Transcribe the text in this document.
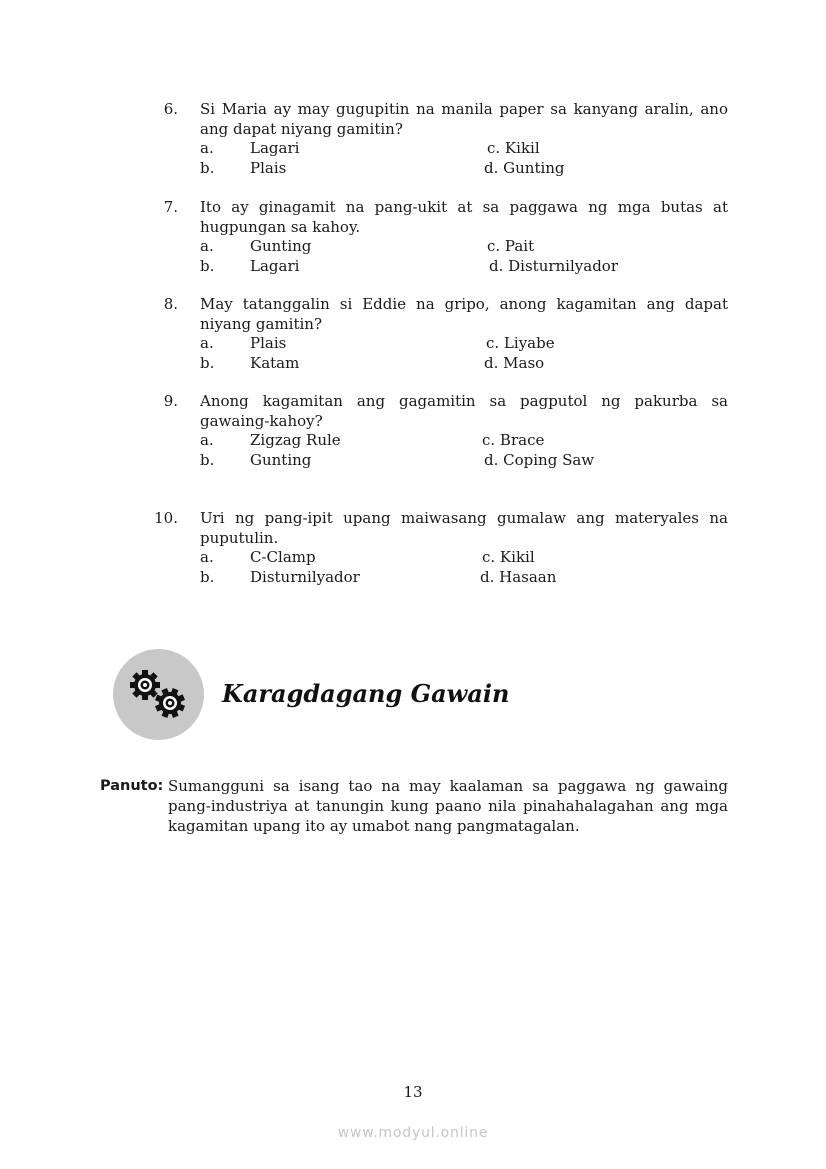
6. Si Maria ay may gugupitin na manila paper sa kanyang aralin, ano ang dapat niyang gamitin?
a. Lagari	c. Kikil
b. Plais	d. Gunting
7. Ito ay ginagamit na pang-ukit at sa paggawa ng mga butas at hugpungan sa kahoy.
a. Gunting	c. Pait
b. Lagari	d. Disturnilyador
8. May tatanggalin si Eddie na gripo, anong kagamitan ang dapat niyang gamitin?
a. Plais	c. Liyabe
b. Katam	d. Maso
9. Anong kagamitan ang gagamitin sa pagputol ng pakurba sa gawaing-kahoy?
a. Zigzag Rule	c. Brace
b. Gunting	d. Coping Saw
10. Uri ng pang-ipit upang maiwasang gumalaw ang materyales na puputulin.
a. C-Clamp	c. Kikil
b. Disturnilyador	d. Hasaan
Karagdagang Gawain
Panuto: Sumangguni sa isang tao na may kaalaman sa paggawa ng gawaing pang-industriya at tanungin kung paano nila pinahahalagahan ang mga kagamitan upang ito ay umabot nang pangmatagalan.
13
www.modyul.online
